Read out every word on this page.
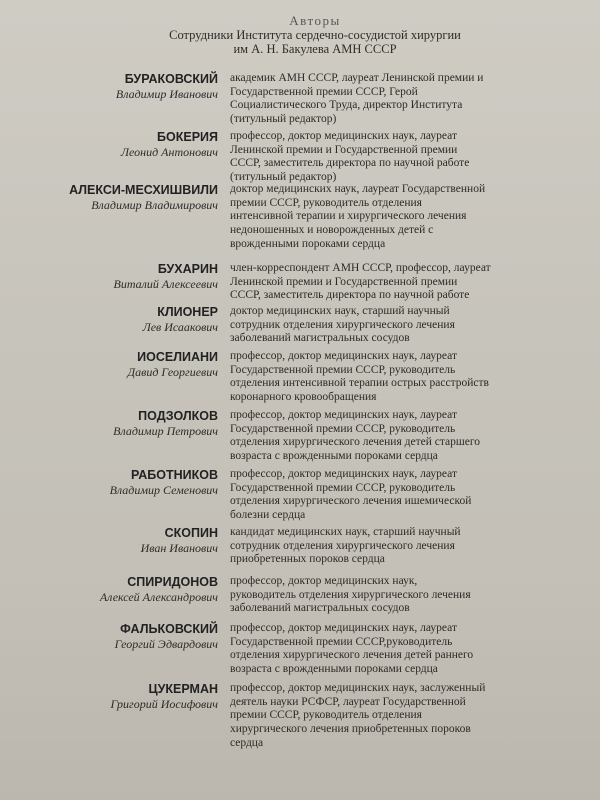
Авторы
Сотрудники Института сердечно-сосудистой хирургии
им А. Н. Бакулева АМН СССР
БУРАКОВСКИЙ
Владимир Иванович
академик АМН СССР, лауреат Ленинской премии и
Государственной премии СССР, Герой
Социалистического Труда, директор Института
(титульный редактор)
БОКЕРИЯ
Леонид Антонович
профессор, доктор медицинских наук, лауреат
Ленинской премии и Государственной премии
СССР, заместитель директора по научной работе
(титульный редактор)
АЛЕКСИ-МЕСХИШВИЛИ
Владимир Владимирович
доктор медицинских наук, лауреат Государственной
премии СССР, руководитель отделения
интенсивной терапии и хирургического лечения
недоношенных и новорожденных детей с
врожденными пороками сердца
БУХАРИН
Виталий Алексеевич
член-корреспондент АМН СССР, профессор, лауреат
Ленинской премии и Государственной премии
СССР, заместитель директора по научной работе
КЛИОНЕР
Лев Исаакович
доктор медицинских наук, старший научный
сотрудник отделения хирургического лечения
заболеваний магистральных сосудов
ИОСЕЛИАНИ
Давид Георгиевич
профессор, доктор медицинских наук, лауреат
Государственной премии СССР, руководитель
отделения интенсивной терапии острых расстройств
коронарного кровообращения
ПОДЗОЛКОВ
Владимир Петрович
профессор, доктор медицинских наук, лауреат
Государственной премии СССР, руководитель
отделения хирургического лечения детей старшего
возраста с врожденными пороками сердца
РАБОТНИКОВ
Владимир Семенович
профессор, доктор медицинских наук, лауреат
Государственной премии СССР, руководитель
отделения хирургического лечения ишемической
болезни сердца
СКОПИН
Иван Иванович
кандидат медицинских наук, старший научный
сотрудник отделения хирургического лечения
приобретенных пороков сердца
СПИРИДОНОВ
Алексей Александрович
профессор, доктор медицинских наук,
руководитель отделения хирургического лечения
заболеваний магистральных сосудов
ФАЛЬКОВСКИЙ
Георгий Эдвардович
профессор, доктор медицинских наук, лауреат
Государственной премии СССР,руководитель
отделения хирургического лечения детей раннего
возраста с врожденными пороками сердца
ЦУКЕРМАН
Григорий Иосифович
профессор, доктор медицинских наук, заслуженный
деятель науки РСФСР, лауреат Государственной
премии СССР, руководитель отделения
хирургического лечения приобретенных пороков
сердца
